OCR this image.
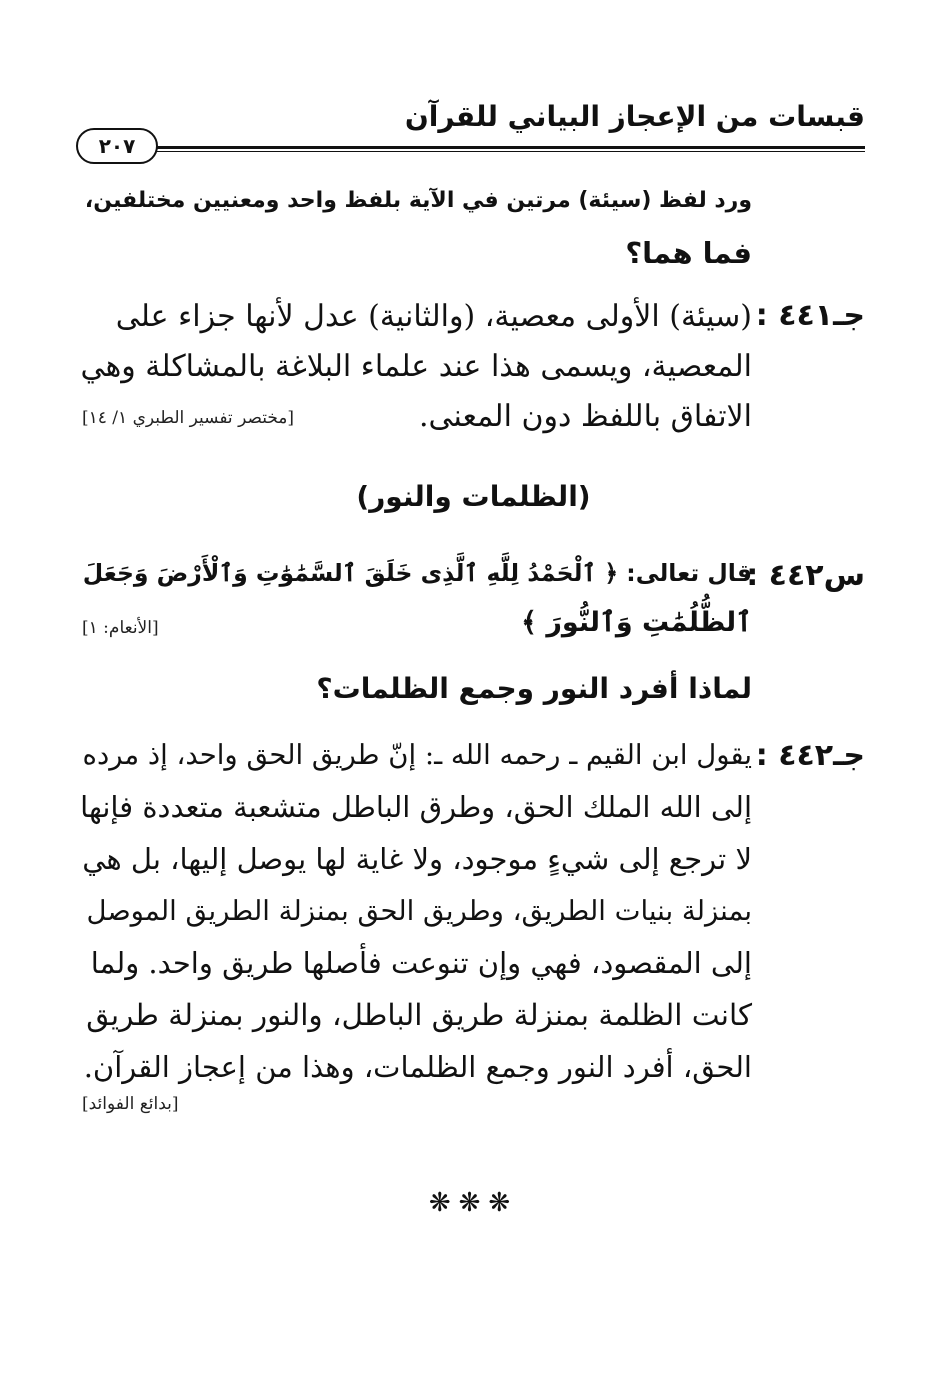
قبسات من الإعجاز البياني للقرآن
٢٠٧
ورد لفظ (سيئة) مرتين في الآية بلفظ واحد ومعنيين مختلفين،
فما هما؟
جـ٤٤١ :
(سيئة) الأولى معصية، (والثانية) عدل لأنها جزاء على
المعصية، ويسمى هذا عند علماء البلاغة بالمشاكلة وهي
الاتفاق باللفظ دون المعنى.
[مختصر تفسير الطبري ١/ ١٤]
(الظلمات والنور)
س٤٤٢ :
قال تعالى: ﴿ ٱلْحَمْدُ لِلَّهِ ٱلَّذِى خَلَقَ ٱلسَّمَٰوَٰتِ وَٱلْأَرْضَ وَجَعَلَ
ٱلظُّلُمَٰتِ وَٱلنُّورَ ﴾
[الأنعام: ١]
لماذا أفرد النور وجمع الظلمات؟
جـ٤٤٢ :
يقول ابن القيم ـ رحمه الله ـ: إنّ طريق الحق واحد، إذ مرده
إلى الله الملك الحق، وطرق الباطل متشعبة متعددة فإنها
لا ترجع إلى شيءٍ موجود، ولا غاية لها يوصل إليها، بل هي
بمنزلة بنيات الطريق، وطريق الحق بمنزلة الطريق الموصل
إلى المقصود، فهي وإن تنوعت فأصلها طريق واحد. ولما
كانت الظلمة بمنزلة طريق الباطل، والنور بمنزلة طريق
الحق، أفرد النور وجمع الظلمات، وهذا من إعجاز القرآن.
[بدائع الفوائد]
❋❋❋
